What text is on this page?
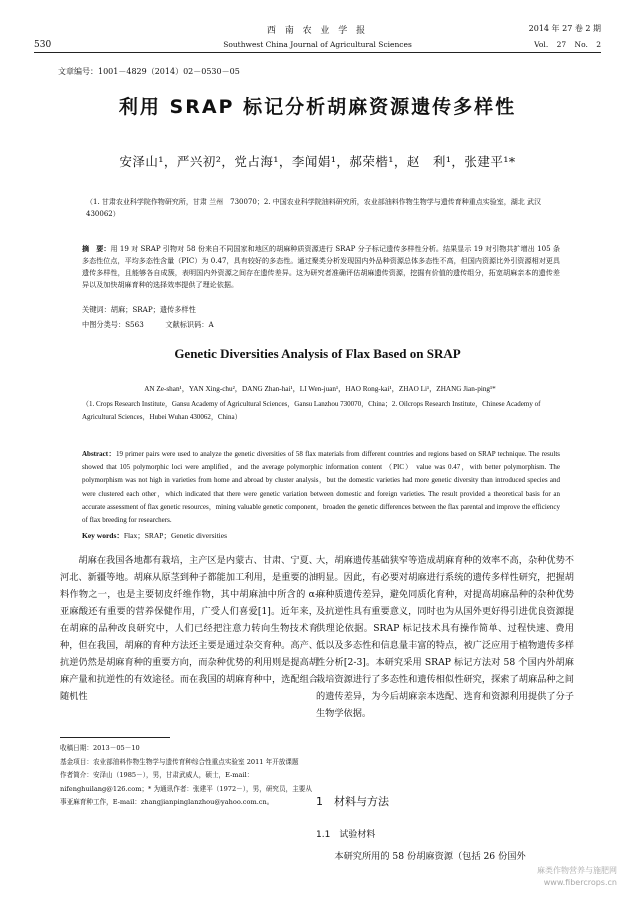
530
西 南 农 业 学 报
Southwest China Journal of Agricultural Sciences
2014 年 27 卷 2 期
Vol. 27 No. 2
文章编号：1001－4829（2014）02－0530－05
利用 SRAP 标记分析胡麻资源遗传多样性
安泽山¹，严兴初²，党占海¹，李闻娟¹，郝荣楷¹，赵　利¹，张建平¹*
（1. 甘肃农业科学院作物研究所，甘肃 兰州　730070；2. 中国农业科学院油料研究所，农业部油料作物生物学与遗传育种重点实验室，湖北 武汉　430062）
摘　要：用 19 对 SRAP 引物对 58 份来自不同国家和地区的胡麻种质资源进行 SRAP 分子标记遗传多样性分析。结果显示 19 对引物共扩增出 105 条多态性位点，平均多态性含量（PIC）为 0.47，具有较好的多态性。通过聚类分析发现国内外品种资源总体多态性不高，但国内资源比外引资源相对更具遗传多样性，且能够各自成簇，表明国内外资源之间存在遗传差异。这为研究者准确评估胡麻遗传资源，挖掘有价值的遗传组分，拓宽胡麻亲本的遗传差异以及加快胡麻育种的选择效率提供了理论依据。
关键词：胡麻；SRAP；遗传多样性
中图分类号：S563　　　文献标识码：A
Genetic Diversities Analysis of Flax Based on SRAP
AN Ze-shan¹，YAN Xing-chu²，DANG Zhan-hai¹，LI Wen-juan¹，HAO Rong-kai¹，ZHAO Li¹，ZHANG Jian-ping¹*
（1. Crops Research Institute，Gansu Academy of Agricultural Sciences，Gansu Lanzhou 730070，China；2. Oilcrops Research Institute，Chinese Academy of Agricultural Sciences，Hubei Wuhan 430062，China）
Abstract：19 primer pairs were used to analyze the genetic diversities of 58 flax materials from different countries and regions based on SRAP technique. The results showed that 105 polymorphic loci were amplified，and the average polymorphic information content （PIC） value was 0.47，with better polymorphism. The polymorphism was not high in varieties from home and abroad by cluster analysis，but the domestic varieties had more genetic diversity than introduced species and were clustered each other，which indicated that there were genetic variation between domestic and foreign varieties. The result provided a theoretical basis for an accurate assessment of flax genetic resources，mining valuable genetic component，broaden the genetic differences between the flax parental and improve the efficiency of flax breeding for researchers.
Key words：Flax；SRAP；Genetic diversities

胡麻在我国各地都有栽培，主产区是内蒙古、甘肃、宁夏、河北、新疆等地。胡麻从原茎到种子都能加工利用，是重要的油料作物之一，也是主要韧皮纤维作物，其中胡麻油中所含的 α-亚麻酸还有重要的营养保健作用，广受人们喜爱[1]。近年来，在胡麻的品种改良研究中，人们已经把注意力转向生物技术育种，但在我国，胡麻的育种方法还主要是通过杂交育种。高产、抗逆仍然是胡麻育种的重要方向，而杂种优势的利用则是提高胡麻产量和抗逆性的有效途径。而在我国的胡麻育种中，选配组合随机性

大，胡麻遗传基础狭窄等造成胡麻育种的效率不高，杂种优势不明显。因此，有必要对胡麻进行系统的遗传多样性研究，把握胡麻种质遗传差异，避免同质化育种，对提高胡麻品种的杂种优势及抗逆性具有重要意义，同时也为从国外更好得引进优良资源提供理论依据。SRAP 标记技术具有操作简单、过程快速、费用低以及多态性和信息量丰富的特点，被广泛应用于植物遗传多样性分析[2-3]。本研究采用 SRAP 标记方法对 58 个国内外胡麻栽培资源进行了多态性和遗传相似性研究，探索了胡麻品种之间的遗传差异，为今后胡麻亲本选配、选育和资源利用提供了分子生物学依据。

收稿日期：2013－05－10
基金项目：农业部油料作物生物学与遗传育种综合性重点实验室 2011 年开放课题
作者简介：安泽山（1985－），男，甘肃武威人，硕士，E-mail：nifenghuilang@126.com；* 为通讯作者：张建平（1972－），男，研究员，主要从事亚麻育种工作，E-mail：zhangjianpinglanzhou@yahoo.com.cn。	1　材料与方法
1.1　试验材料
本研究所用的 58 份胡麻资源（包括 26 份国外
麻类作物营养与施肥网
www.fibercrops.cn
